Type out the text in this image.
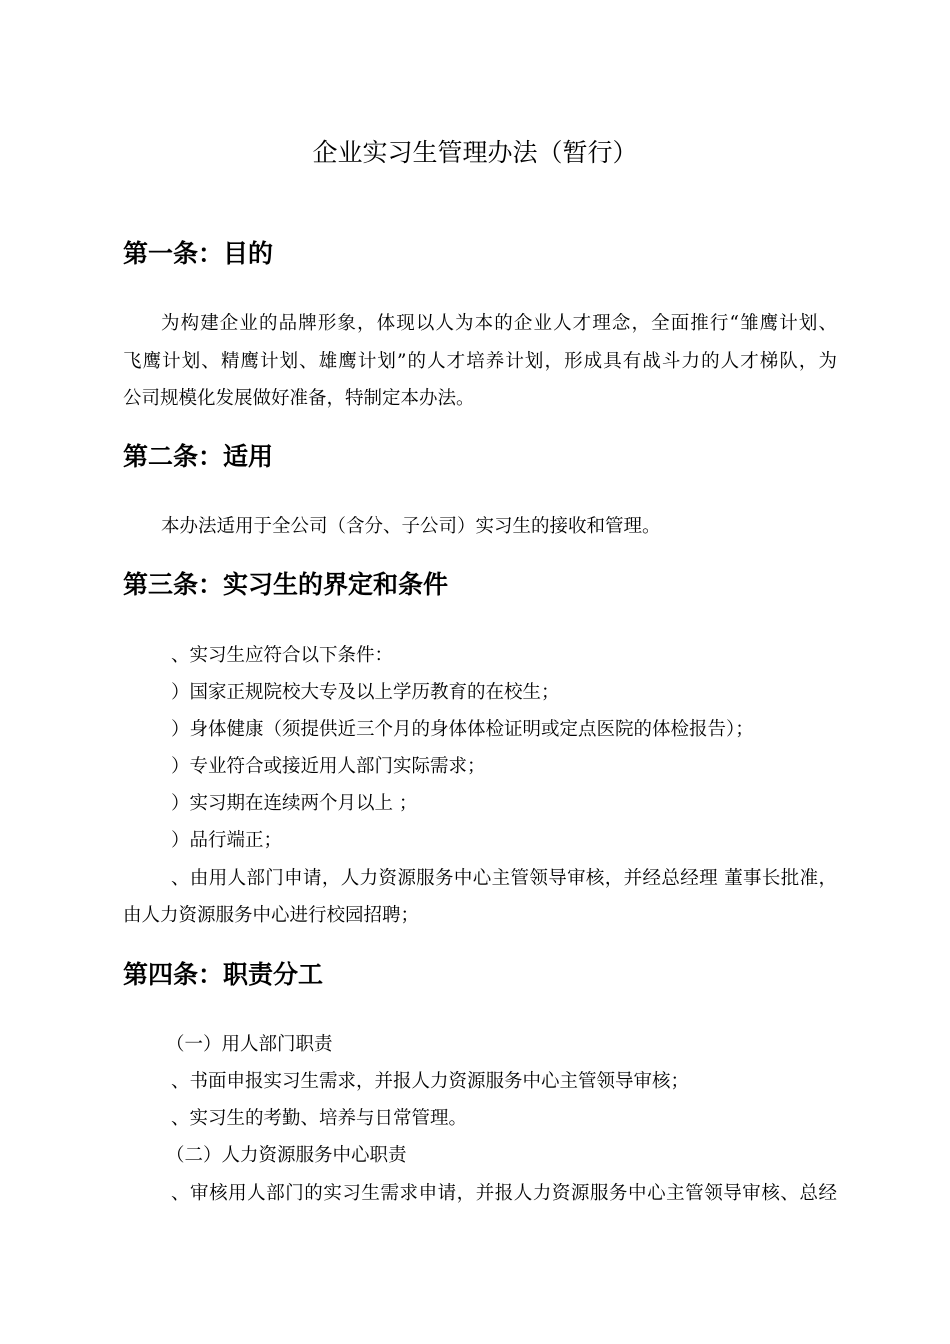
企业实习生管理办法（暂行）
第一条：目的
为构建企业的品牌形象，体现以人为本的企业人才理念，全面推行“雏鹰计划、
飞鹰计划、精鹰计划、雄鹰计划”的人才培养计划，形成具有战斗力的人才梯队，为
公司规模化发展做好准备，特制定本办法。
第二条：适用
本办法适用于全公司（含分、子公司）实习生的接收和管理。
第三条：实习生的界定和条件
、实习生应符合以下条件：
）国家正规院校大专及以上学历教育的在校生；
）身体健康（须提供近三个月的身体体检证明或定点医院的体检报告）；
）专业符合或接近用人部门实际需求；
）实习期在连续两个月以上 ；
）品行端正；
、由用人部门申请，人力资源服务中心主管领导审核，并经总经理 董事长批准，
由人力资源服务中心进行校园招聘；
第四条：职责分工
（一）用人部门职责
、书面申报实习生需求，并报人力资源服务中心主管领导审核；
、实习生的考勤、培养与日常管理。
（二）人力资源服务中心职责
、审核用人部门的实习生需求申请，并报人力资源服务中心主管领导审核、总经
